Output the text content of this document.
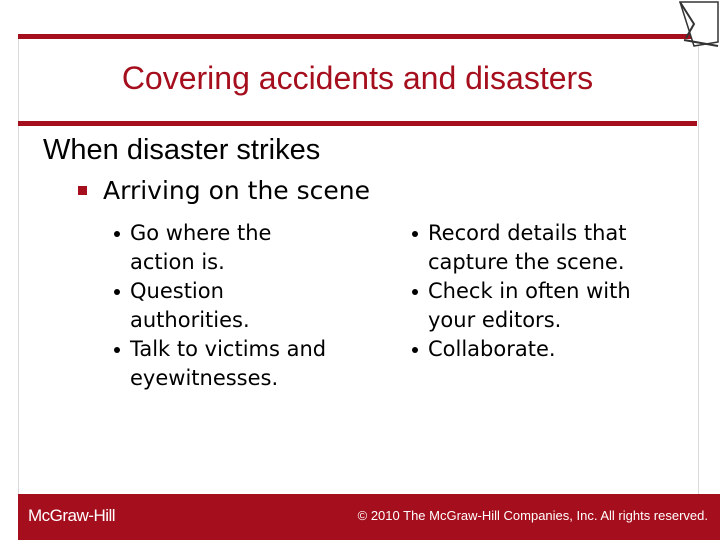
Covering accidents and disasters
When disaster strikes
Arriving on the scene
Go where the
action is.
Question
authorities.
Talk to victims and
eyewitnesses.
Record details that
capture the scene.
Check in often with
your editors.
Collaborate.
McGraw-Hill	© 2010 The McGraw-Hill Companies, Inc. All rights reserved.
